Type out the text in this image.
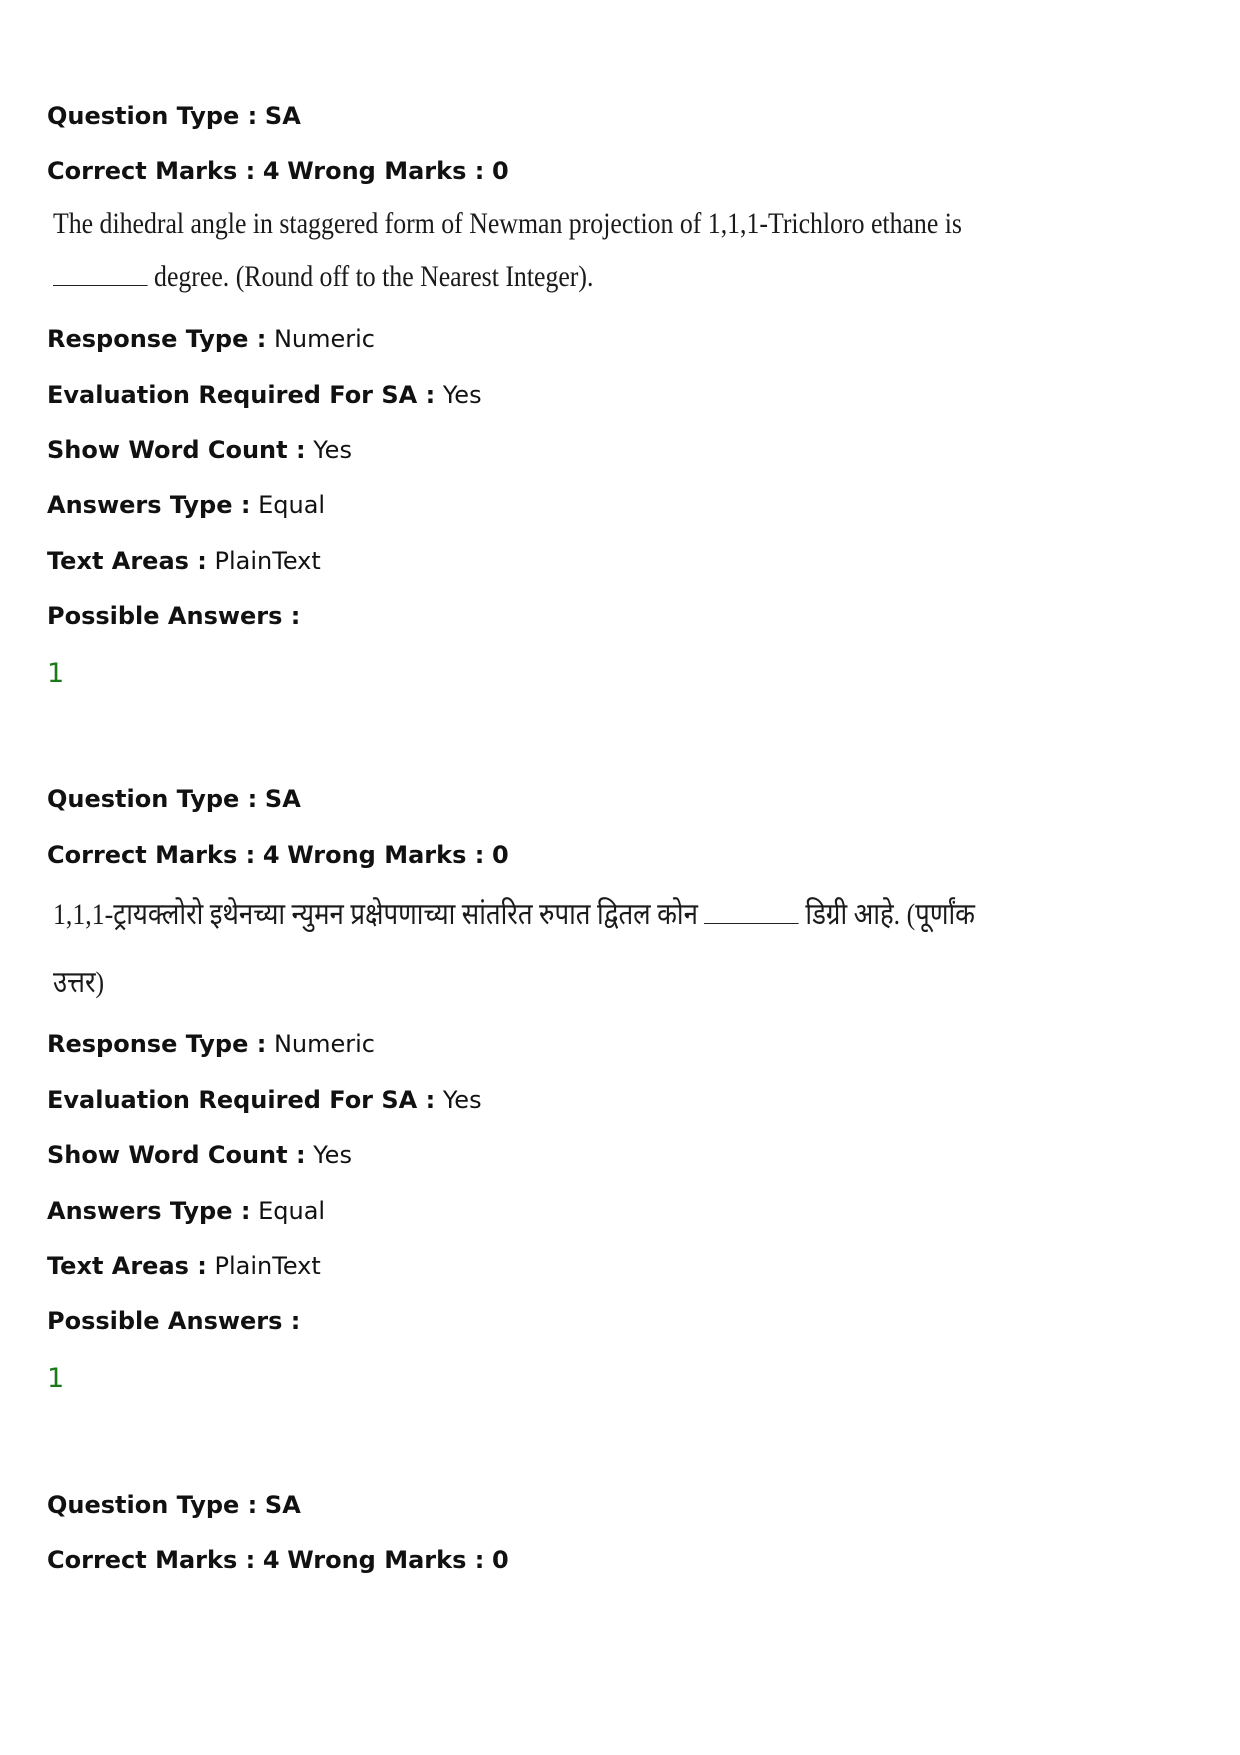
Question Type : SA
Correct Marks : 4 Wrong Marks : 0
The dihedral angle in staggered form of Newman projection of 1,1,1-Trichloro ethane is
degree. (Round off to the Nearest Integer).
Response Type : Numeric
Evaluation Required For SA : Yes
Show Word Count : Yes
Answers Type : Equal
Text Areas : PlainText
Possible Answers :
1
Question Type : SA
Correct Marks : 4 Wrong Marks : 0
1,1,1-ट्रायक्लोरो इथेनच्या न्युमन प्रक्षेपणाच्या सांतरित रुपात द्वितल कोन	डिग्री आहे. (पूर्णांक
उत्तर)
Response Type : Numeric
Evaluation Required For SA : Yes
Show Word Count : Yes
Answers Type : Equal
Text Areas : PlainText
Possible Answers :
1
Question Type : SA
Correct Marks : 4 Wrong Marks : 0
